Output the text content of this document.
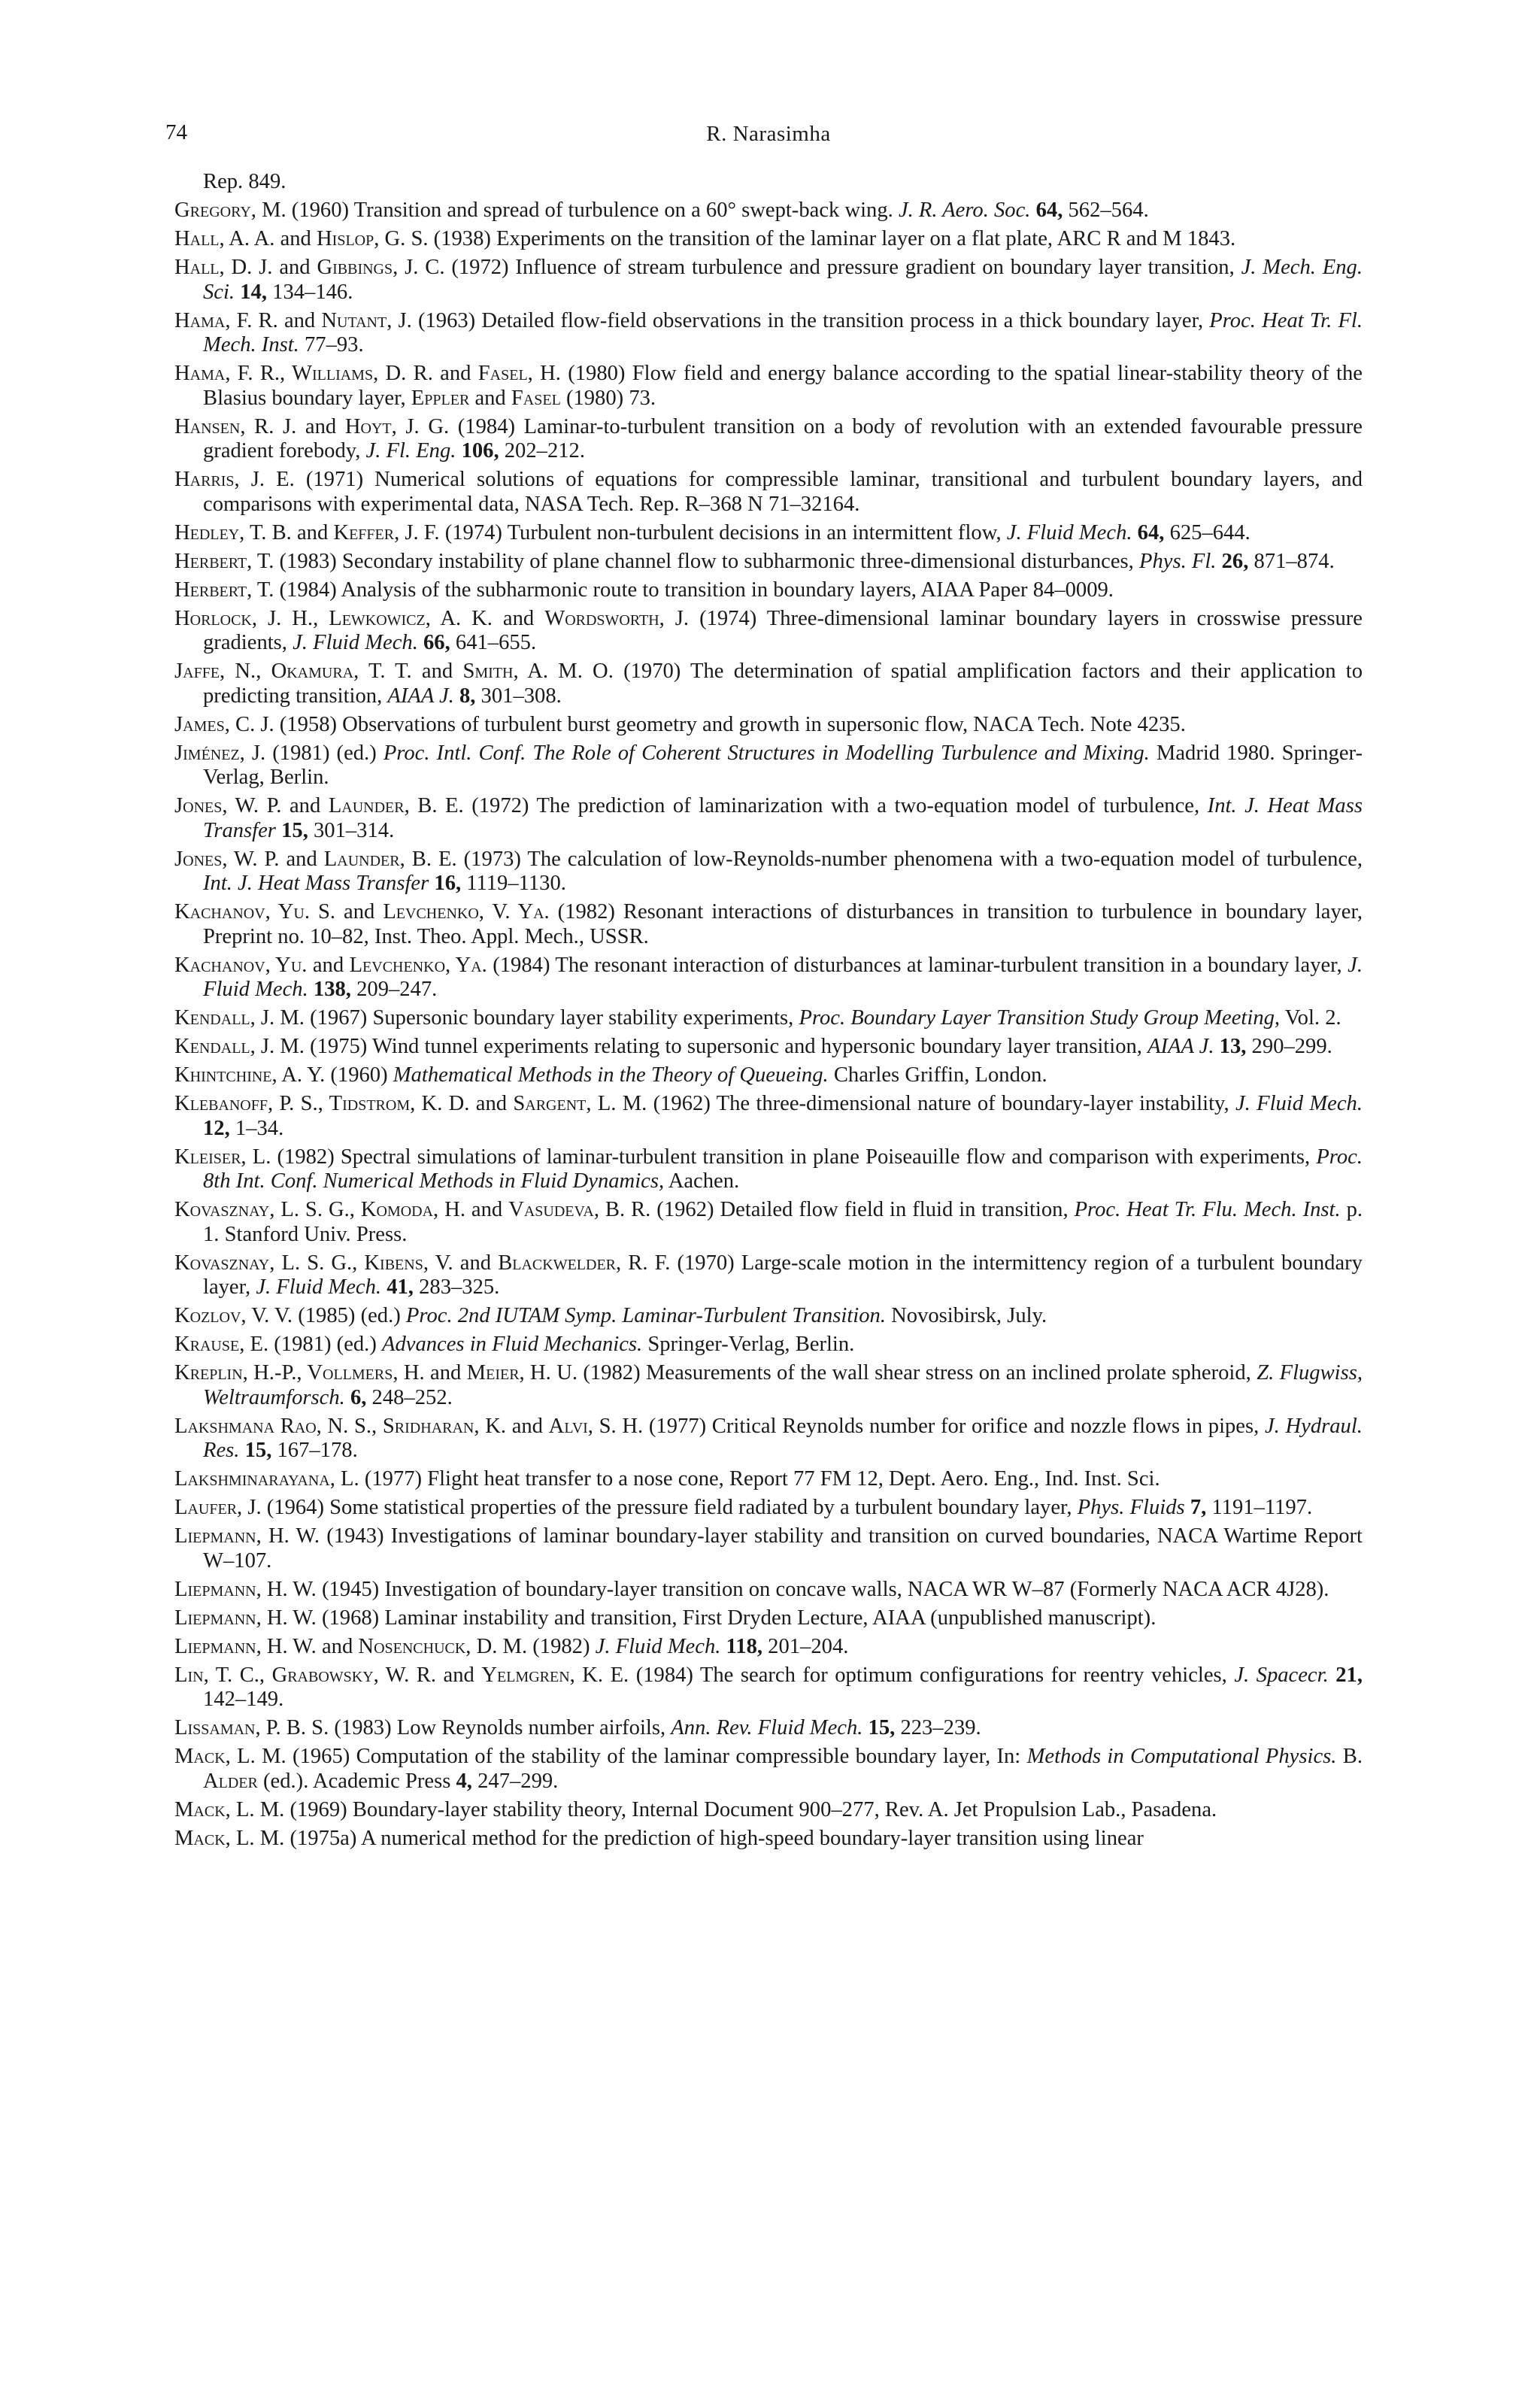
74	R. Narasimha

Rep. 849.

Gregory, M. (1960) Transition and spread of turbulence on a 60° swept-back wing. J. R. Aero. Soc. 64, 562–564.

Hall, A. A. and Hislop, G. S. (1938) Experiments on the transition of the laminar layer on a flat plate, ARC R and M 1843.

Hall, D. J. and Gibbings, J. C. (1972) Influence of stream turbulence and pressure gradient on boundary layer transition, J. Mech. Eng. Sci. 14, 134–146.

Hama, F. R. and Nutant, J. (1963) Detailed flow-field observations in the transition process in a thick boundary layer, Proc. Heat Tr. Fl. Mech. Inst. 77–93.

Hama, F. R., Williams, D. R. and Fasel, H. (1980) Flow field and energy balance according to the spatial linear-stability theory of the Blasius boundary layer, Eppler and Fasel (1980) 73.

Hansen, R. J. and Hoyt, J. G. (1984) Laminar-to-turbulent transition on a body of revolution with an extended favourable pressure gradient forebody, J. Fl. Eng. 106, 202–212.

Harris, J. E. (1971) Numerical solutions of equations for compressible laminar, transitional and turbulent boundary layers, and comparisons with experimental data, NASA Tech. Rep. R–368 N 71–32164.

Hedley, T. B. and Keffer, J. F. (1974) Turbulent non-turbulent decisions in an intermittent flow, J. Fluid Mech. 64, 625–644.

Herbert, T. (1983) Secondary instability of plane channel flow to subharmonic three-dimensional disturbances, Phys. Fl. 26, 871–874.

Herbert, T. (1984) Analysis of the subharmonic route to transition in boundary layers, AIAA Paper 84–0009.

Horlock, J. H., Lewkowicz, A. K. and Wordsworth, J. (1974) Three-dimensional laminar boundary layers in crosswise pressure gradients, J. Fluid Mech. 66, 641–655.

Jaffe, N., Okamura, T. T. and Smith, A. M. O. (1970) The determination of spatial amplification factors and their application to predicting transition, AIAA J. 8, 301–308.

James, C. J. (1958) Observations of turbulent burst geometry and growth in supersonic flow, NACA Tech. Note 4235.

Jiménez, J. (1981) (ed.) Proc. Intl. Conf. The Role of Coherent Structures in Modelling Turbulence and Mixing. Madrid 1980. Springer-Verlag, Berlin.

Jones, W. P. and Launder, B. E. (1972) The prediction of laminarization with a two-equation model of turbulence, Int. J. Heat Mass Transfer 15, 301–314.

Jones, W. P. and Launder, B. E. (1973) The calculation of low-Reynolds-number phenomena with a two-equation model of turbulence, Int. J. Heat Mass Transfer 16, 1119–1130.

Kachanov, Yu. S. and Levchenko, V. Ya. (1982) Resonant interactions of disturbances in transition to turbulence in boundary layer, Preprint no. 10–82, Inst. Theo. Appl. Mech., USSR.

Kachanov, Yu. and Levchenko, Ya. (1984) The resonant interaction of disturbances at laminar-turbulent transition in a boundary layer, J. Fluid Mech. 138, 209–247.

Kendall, J. M. (1967) Supersonic boundary layer stability experiments, Proc. Boundary Layer Transition Study Group Meeting, Vol. 2.

Kendall, J. M. (1975) Wind tunnel experiments relating to supersonic and hypersonic boundary layer transition, AIAA J. 13, 290–299.

Khintchine, A. Y. (1960) Mathematical Methods in the Theory of Queueing. Charles Griffin, London.

Klebanoff, P. S., Tidstrom, K. D. and Sargent, L. M. (1962) The three-dimensional nature of boundary-layer instability, J. Fluid Mech. 12, 1–34.

Kleiser, L. (1982) Spectral simulations of laminar-turbulent transition in plane Poiseauille flow and comparison with experiments, Proc. 8th Int. Conf. Numerical Methods in Fluid Dynamics, Aachen.

Kovasznay, L. S. G., Komoda, H. and Vasudeva, B. R. (1962) Detailed flow field in fluid in transition, Proc. Heat Tr. Flu. Mech. Inst. p. 1. Stanford Univ. Press.

Kovasznay, L. S. G., Kibens, V. and Blackwelder, R. F. (1970) Large-scale motion in the intermittency region of a turbulent boundary layer, J. Fluid Mech. 41, 283–325.

Kozlov, V. V. (1985) (ed.) Proc. 2nd IUTAM Symp. Laminar-Turbulent Transition. Novosibirsk, July.

Krause, E. (1981) (ed.) Advances in Fluid Mechanics. Springer-Verlag, Berlin.

Kreplin, H.-P., Vollmers, H. and Meier, H. U. (1982) Measurements of the wall shear stress on an inclined prolate spheroid, Z. Flugwiss, Weltraumforsch. 6, 248–252.

Lakshmana Rao, N. S., Sridharan, K. and Alvi, S. H. (1977) Critical Reynolds number for orifice and nozzle flows in pipes, J. Hydraul. Res. 15, 167–178.

Lakshminarayana, L. (1977) Flight heat transfer to a nose cone, Report 77 FM 12, Dept. Aero. Eng., Ind. Inst. Sci.

Laufer, J. (1964) Some statistical properties of the pressure field radiated by a turbulent boundary layer, Phys. Fluids 7, 1191–1197.

Liepmann, H. W. (1943) Investigations of laminar boundary-layer stability and transition on curved boundaries, NACA Wartime Report W–107.

Liepmann, H. W. (1945) Investigation of boundary-layer transition on concave walls, NACA WR W–87 (Formerly NACA ACR 4J28).

Liepmann, H. W. (1968) Laminar instability and transition, First Dryden Lecture, AIAA (unpublished manuscript).

Liepmann, H. W. and Nosenchuck, D. M. (1982) J. Fluid Mech. 118, 201–204.

Lin, T. C., Grabowsky, W. R. and Yelmgren, K. E. (1984) The search for optimum configurations for reentry vehicles, J. Spacecr. 21, 142–149.

Lissaman, P. B. S. (1983) Low Reynolds number airfoils, Ann. Rev. Fluid Mech. 15, 223–239.

Mack, L. M. (1965) Computation of the stability of the laminar compressible boundary layer, In: Methods in Computational Physics. B. Alder (ed.). Academic Press 4, 247–299.

Mack, L. M. (1969) Boundary-layer stability theory, Internal Document 900–277, Rev. A. Jet Propulsion Lab., Pasadena.

Mack, L. M. (1975a) A numerical method for the prediction of high-speed boundary-layer transition using linear
